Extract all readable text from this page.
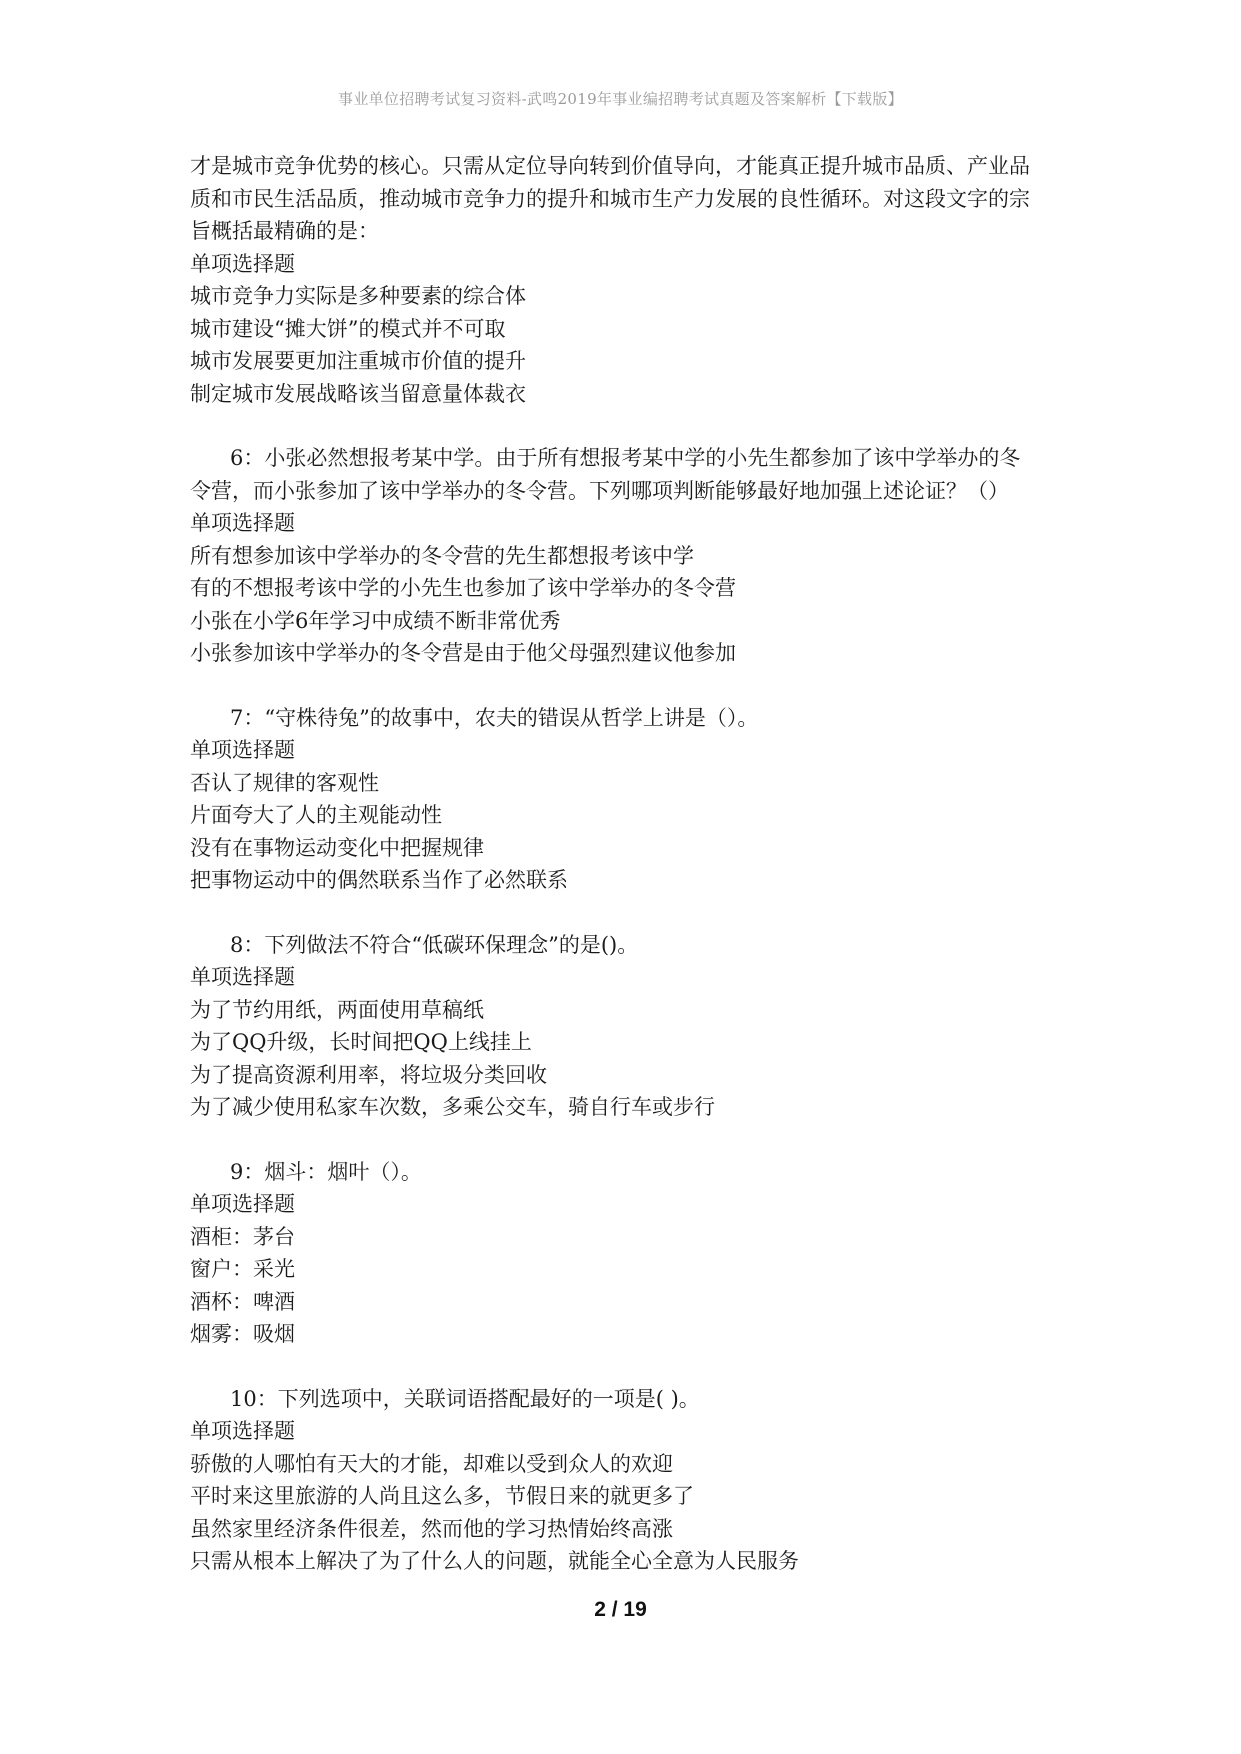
事业单位招聘考试复习资料-武鸣2019年事业编招聘考试真题及答案解析【下载版】
才是城市竞争优势的核心。只需从定位导向转到价值导向，才能真正提升城市品质、产业品
质和市民生活品质，推动城市竞争力的提升和城市生产力发展的良性循环。对这段文字的宗
旨概括最精确的是：
单项选择题
城市竞争力实际是多种要素的综合体
城市建设“摊大饼”的模式并不可取
城市发展要更加注重城市价值的提升
制定城市发展战略该当留意量体裁衣
6：小张必然想报考某中学。由于所有想报考某中学的小先生都参加了该中学举办的冬
令营，而小张参加了该中学举办的冬令营。下列哪项判断能够最好地加强上述论证？（）
单项选择题
所有想参加该中学举办的冬令营的先生都想报考该中学
有的不想报考该中学的小先生也参加了该中学举办的冬令营
小张在小学6年学习中成绩不断非常优秀
小张参加该中学举办的冬令营是由于他父母强烈建议他参加
7：“守株待兔”的故事中，农夫的错误从哲学上讲是（）。
单项选择题
否认了规律的客观性
片面夸大了人的主观能动性
没有在事物运动变化中把握规律
把事物运动中的偶然联系当作了必然联系
8：下列做法不符合“低碳环保理念”的是()。
单项选择题
为了节约用纸，两面使用草稿纸
为了QQ升级，长时间把QQ上线挂上
为了提高资源利用率，将垃圾分类回收
为了减少使用私家车次数，多乘公交车，骑自行车或步行
9：烟斗：烟叶（）。
单项选择题
酒柜：茅台
窗户：采光
酒杯：啤酒
烟雾：吸烟
10：下列选项中，关联词语搭配最好的一项是( )。
单项选择题
骄傲的人哪怕有天大的才能，却难以受到众人的欢迎
平时来这里旅游的人尚且这么多，节假日来的就更多了
虽然家里经济条件很差，然而他的学习热情始终高涨
只需从根本上解决了为了什么人的问题，就能全心全意为人民服务
2 / 19
